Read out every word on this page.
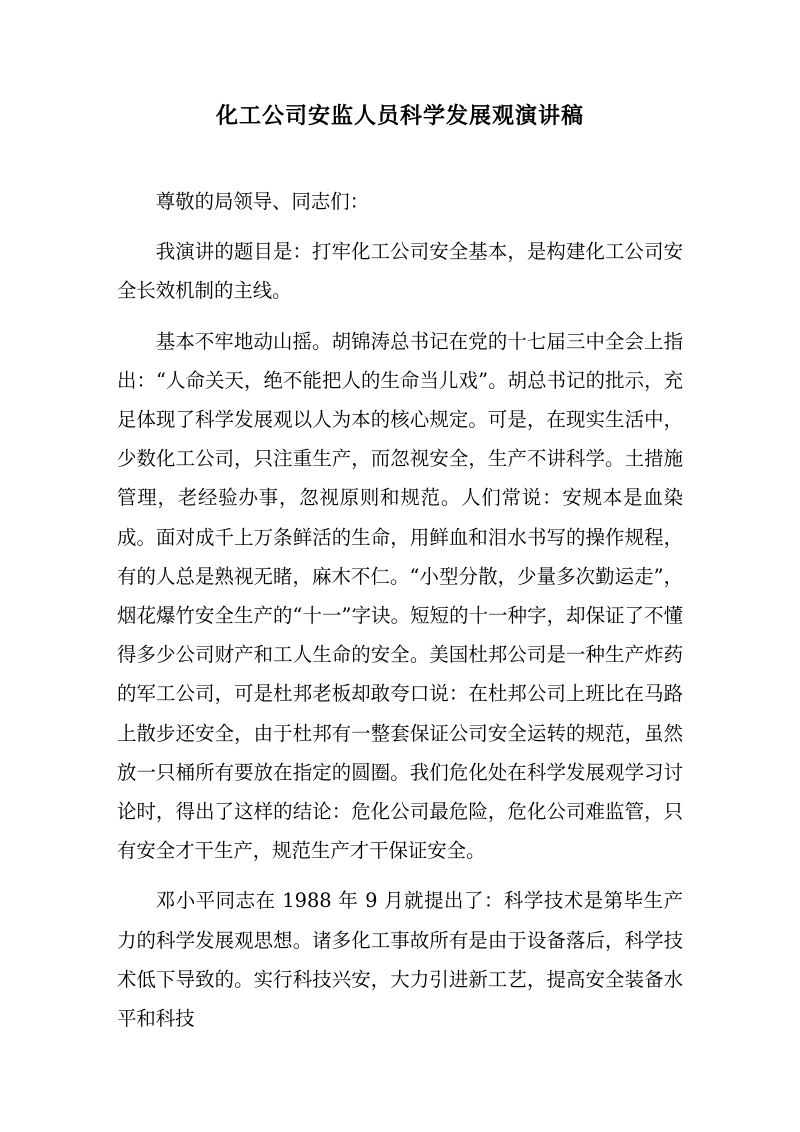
化工公司安监人员科学发展观演讲稿

尊敬的局领导、同志们：

我演讲的题目是：打牢化工公司安全基本，是构建化工公司安全长效机制的主线。

基本不牢地动山摇。胡锦涛总书记在党的十七届三中全会上指出：“人命关天，绝不能把人的生命当儿戏”。胡总书记的批示，充足体现了科学发展观以人为本的核心规定。可是，在现实生活中，少数化工公司，只注重生产，而忽视安全，生产不讲科学。土措施管理，老经验办事，忽视原则和规范。人们常说：安规本是血染成。面对成千上万条鲜活的生命，用鲜血和泪水书写的操作规程，有的人总是熟视无睹，麻木不仁。“小型分散，少量多次勤运走”，烟花爆竹安全生产的“十一”字诀。短短的十一种字，却保证了不懂得多少公司财产和工人生命的安全。美国杜邦公司是一种生产炸药的军工公司，可是杜邦老板却敢夸口说：在杜邦公司上班比在马路上散步还安全，由于杜邦有一整套保证公司安全运转的规范，虽然放一只桶所有要放在指定的圆圈。我们危化处在科学发展观学习讨论时，得出了这样的结论：危化公司最危险，危化公司难监管，只有安全才干生产，规范生产才干保证安全。

邓小平同志在 1988 年 9 月就提出了：科学技术是第毕生产力的科学发展观思想。诸多化工事故所有是由于设备落后，科学技术低下导致的。实行科技兴安，大力引进新工艺，提高安全装备水平和科技
